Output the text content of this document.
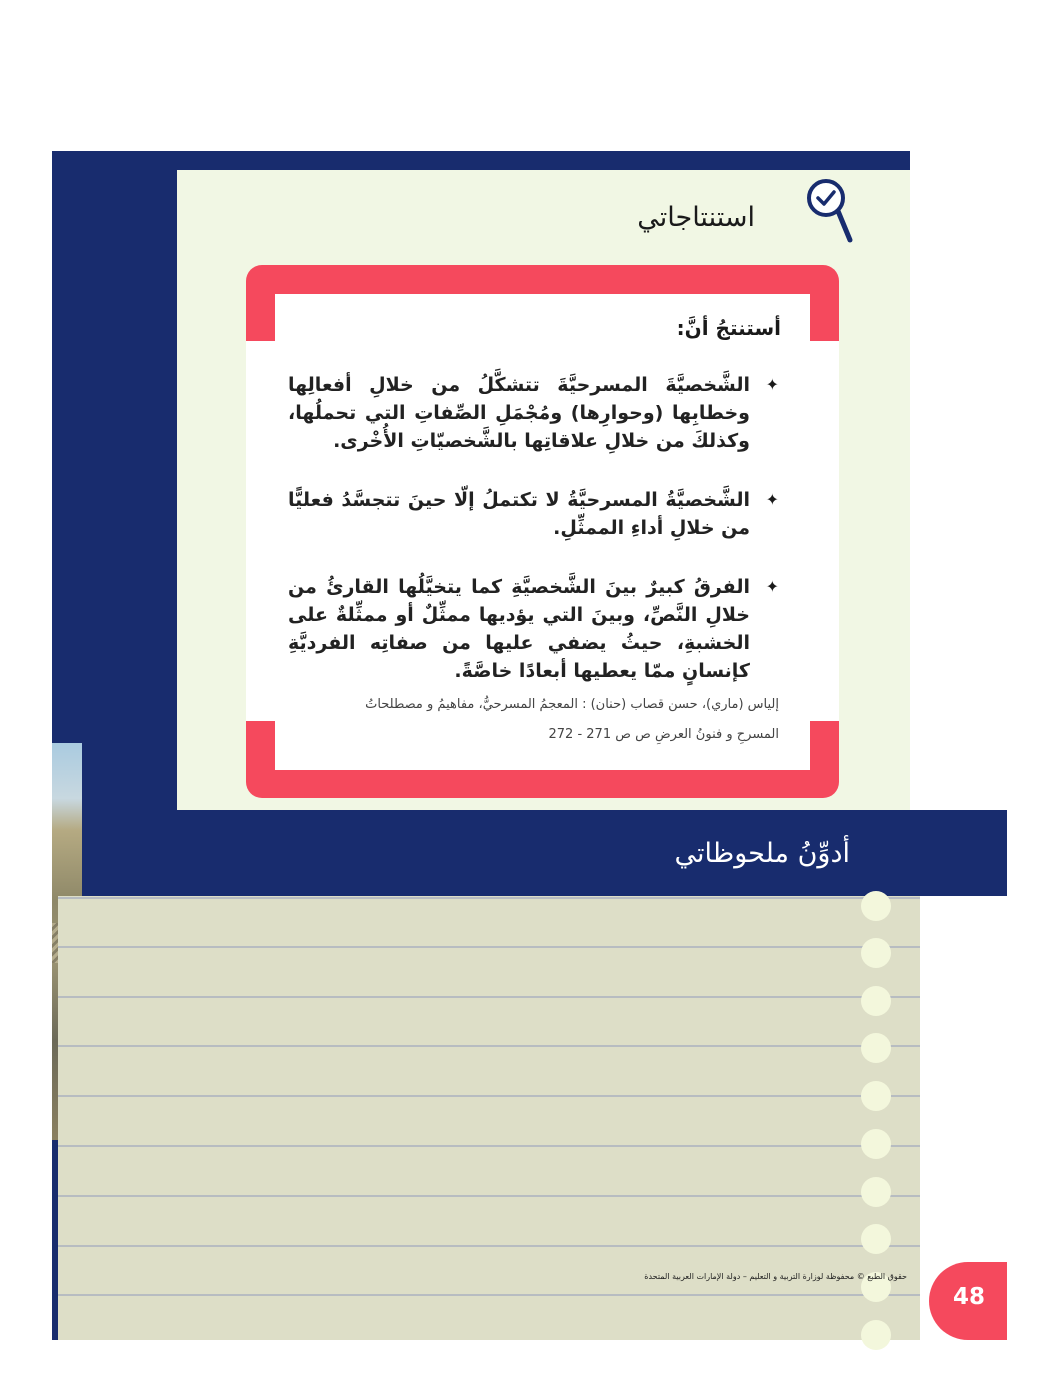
استنتاجاتي
أستنتجُ أنَّ:
✦
الشَّخصيَّةَ المسرحيَّةَ تتشكَّلُ من خلالِ أفعالِها وخطابِها (وحوارِها) ومُجْمَلِ الصِّفاتِ التي تحملُها، وكذلكَ من خلالِ علاقاتِها بالشَّخصيّاتِ الأُخْرى.
✦
الشَّخصيَّةُ المسرحيَّةُ لا تكتملُ إلّا حينَ تتجسَّدُ فعليًّا من خلالِ أداءِ الممثِّلِ.
✦
الفرقُ كبيرٌ بينَ الشَّخصيَّةِ كما يتخيَّلُها القارئُ من خلالِ النَّصِّ، وبينَ التي يؤديها ممثِّلٌ أو ممثِّلةٌ على الخشبةِ، حيثُ يضفي عليها من صفاتِه الفرديَّةِ كإنسانٍ ممّا يعطيها أبعادًا خاصَّةً.
إلياس (ماري)، حسن قصاب (حنان) : المعجمُ المسرحيُّ، مفاهيمُ و مصطلحاتُ
المسرحِ و فنونُ العرضِ ص ص 271 - 272
أدوِّنُ ملحوظاتي
حقوق الطبع © محفوظة لوزارة التربية و التعليم – دولة الإمارات العربية المتحدة
48
